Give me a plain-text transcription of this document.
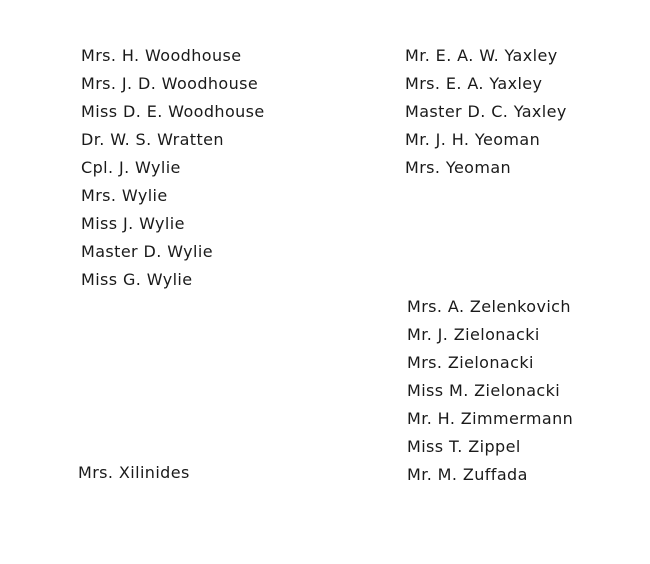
Mrs. H. Woodhouse
Mrs. J. D. Woodhouse
Miss D. E. Woodhouse
Dr. W. S. Wratten
Cpl. J. Wylie
Mrs. Wylie
Miss J. Wylie
Master D. Wylie
Miss G. Wylie
Mrs. Xilinides
Mr. E. A. W. Yaxley
Mrs. E. A. Yaxley
Master D. C. Yaxley
Mr. J. H. Yeoman
Mrs. Yeoman
Mrs. A. Zelenkovich
Mr. J. Zielonacki
Mrs. Zielonacki
Miss M. Zielonacki
Mr. H. Zimmermann
Miss T. Zippel
Mr. M. Zuffada
